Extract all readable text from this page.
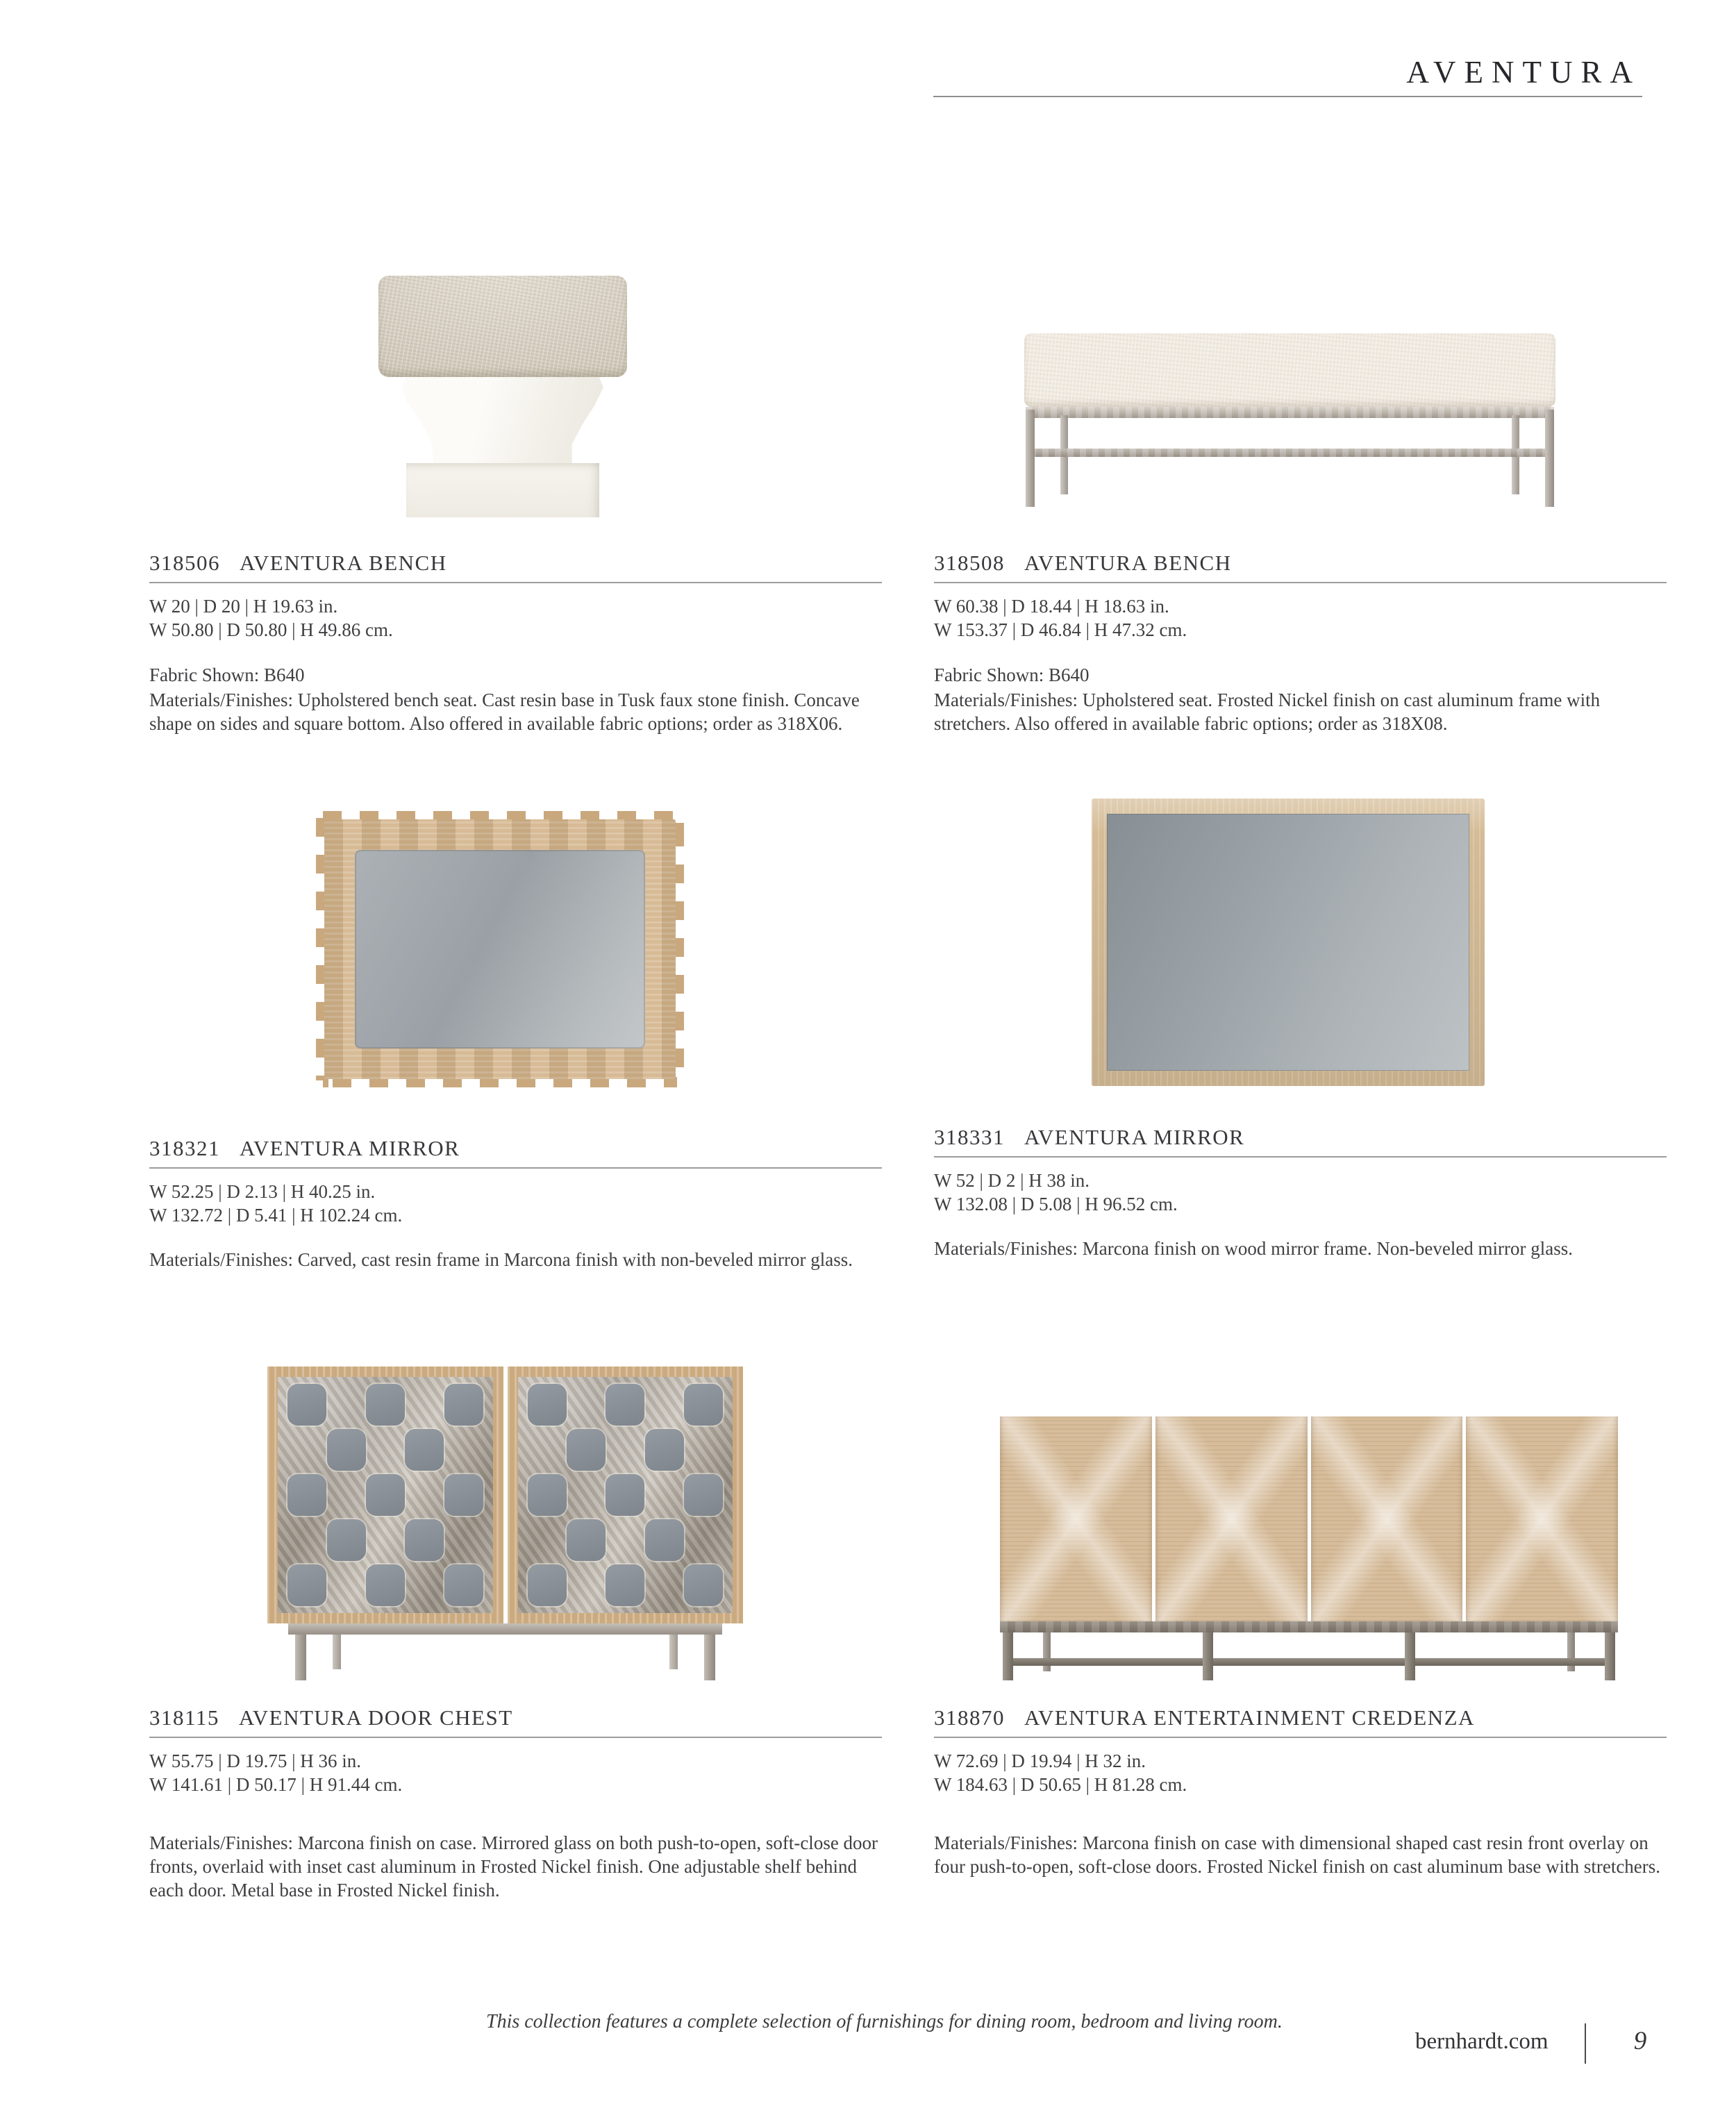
AVENTURA
318506 AVENTURA BENCH
W 20 | D 20 | H 19.63 in.
W 50.80 | D 50.80 | H 49.86 cm.
Fabric Shown: B640
Materials/Finishes: Upholstered bench seat. Cast resin base in Tusk faux stone finish. Concave shape on sides and square bottom. Also offered in available fabric options; order as 318X06.
318508 AVENTURA BENCH
W 60.38 | D 18.44 | H 18.63 in.
W 153.37 | D 46.84 | H 47.32 cm.
Fabric Shown: B640
Materials/Finishes: Upholstered seat. Frosted Nickel finish on cast aluminum frame with stretchers. Also offered in available fabric options; order as 318X08.
318321 AVENTURA MIRROR
W 52.25 | D 2.13 | H 40.25 in.
W 132.72 | D 5.41 | H 102.24 cm.
Materials/Finishes: Carved, cast resin frame in Marcona finish with non-beveled mirror glass.
318331 AVENTURA MIRROR
W 52 | D 2 | H 38 in.
W 132.08 | D 5.08 | H 96.52 cm.
Materials/Finishes: Marcona finish on wood mirror frame. Non-beveled mirror glass.
318115 AVENTURA DOOR CHEST
W 55.75 | D 19.75 | H 36 in.
W 141.61 | D 50.17 | H 91.44 cm.
Materials/Finishes: Marcona finish on case. Mirrored glass on both push-to-open, soft-close door fronts, overlaid with inset cast aluminum in Frosted Nickel finish. One adjustable shelf behind each door. Metal base in Frosted Nickel finish.
318870 AVENTURA ENTERTAINMENT CREDENZA
W 72.69 | D 19.94 | H 32 in.
W 184.63 | D 50.65 | H 81.28 cm.
Materials/Finishes: Marcona finish on case with dimensional shaped cast resin front overlay on four push-to-open, soft-close doors. Frosted Nickel finish on cast aluminum base with stretchers.
This collection features a complete selection of furnishings for dining room, bedroom and living room.
bernhardt.com	9
